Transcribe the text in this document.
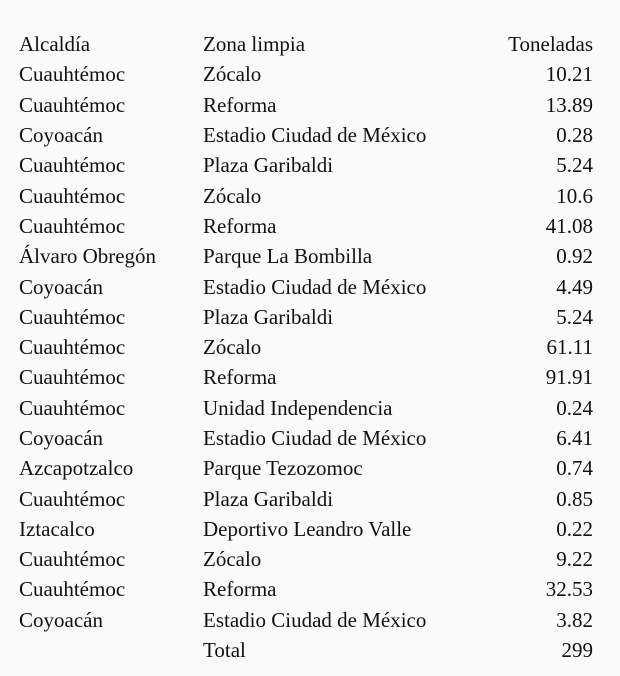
Alcaldía	Zona limpia	Toneladas
Cuauhtémoc	Zócalo	10.21
Cuauhtémoc	Reforma	13.89
Coyoacán	Estadio Ciudad de México	0.28
Cuauhtémoc	Plaza Garibaldi	5.24
Cuauhtémoc	Zócalo	10.6
Cuauhtémoc	Reforma	41.08
Álvaro Obregón	Parque La Bombilla	0.92
Coyoacán	Estadio Ciudad de México	4.49
Cuauhtémoc	Plaza Garibaldi	5.24
Cuauhtémoc	Zócalo	61.11
Cuauhtémoc	Reforma	91.91
Cuauhtémoc	Unidad Independencia	0.24
Coyoacán	Estadio Ciudad de México	6.41
Azcapotzalco	Parque Tezozomoc	0.74
Cuauhtémoc	Plaza Garibaldi	0.85
Iztacalco	Deportivo Leandro Valle	0.22
Cuauhtémoc	Zócalo	9.22
Cuauhtémoc	Reforma	32.53
Coyoacán	Estadio Ciudad de México	3.82
	Total	299
